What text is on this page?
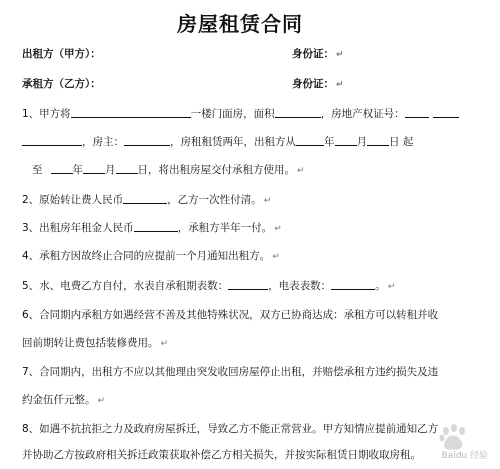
房屋租赁合同
出租方（甲方）：	身份证： ↵
承租方（乙方）：	身份证： ↵
1、甲方将	一楼门面房，面积	，房地产权证号：
，房主：	，房租租赁两年，出租方从	年 月 日 起
至	年 月 日，将出租房屋交付承租方使用。 ↵
2、原始转让费人民币	，乙方一次性付清。 ↵
3、出租房年租金人民币	，承租方半年一付。 ↵
4、承租方因故终止合同的应提前一个月通知出租方。 ↵
5、水、电费乙方自付，水表自承租期表数：	，电表表数：	。 ↵
6、合同期内承租方如遇经营不善及其他特殊状况，双方已协商达成：承租方可以转租并收
回前期转让费包括装修费用。 ↵
7、合同期内，出租方不应以其他理由突发收回房屋停止出租，并赔偿承租方违约损失及违
约金伍仟元整。 ↵
8、如遇不抗抗拒之力及政府房屋拆迁，导致乙方不能正常营业。甲方知情应提前通知乙方
并协助乙方按政府相关拆迁政策获取补偿乙方相关损失，并按实际租赁日期收取房租。 Baidu 经验
